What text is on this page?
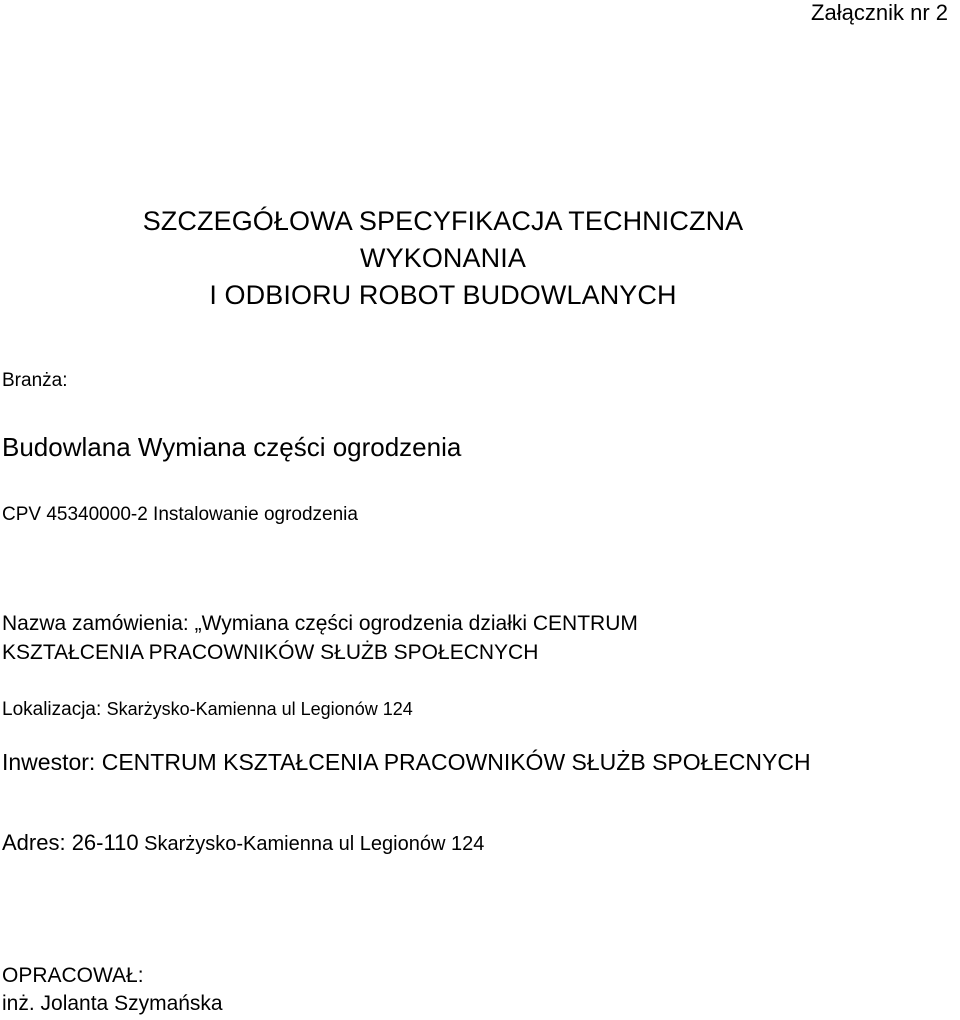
Załącznik nr 2
SZCZEGÓŁOWA SPECYFIKACJA TECHNICZNA
WYKONANIA
I ODBIORU ROBOT BUDOWLANYCH
Branża:
Budowlana Wymiana części ogrodzenia
CPV 45340000-2 Instalowanie ogrodzenia
Nazwa zamówienia: „Wymiana części ogrodzenia działki CENTRUM
KSZTAŁCENIA PRACOWNIKÓW SŁUŻB SPOŁECNYCH
Lokalizacja: Skarżysko-Kamienna ul Legionów 124
Inwestor: CENTRUM KSZTAŁCENIA PRACOWNIKÓW SŁUŻB SPOŁECNYCH
Adres: 26-110 Skarżysko-Kamienna ul Legionów 124
OPRACOWAŁ:
inż. Jolanta Szymańska
